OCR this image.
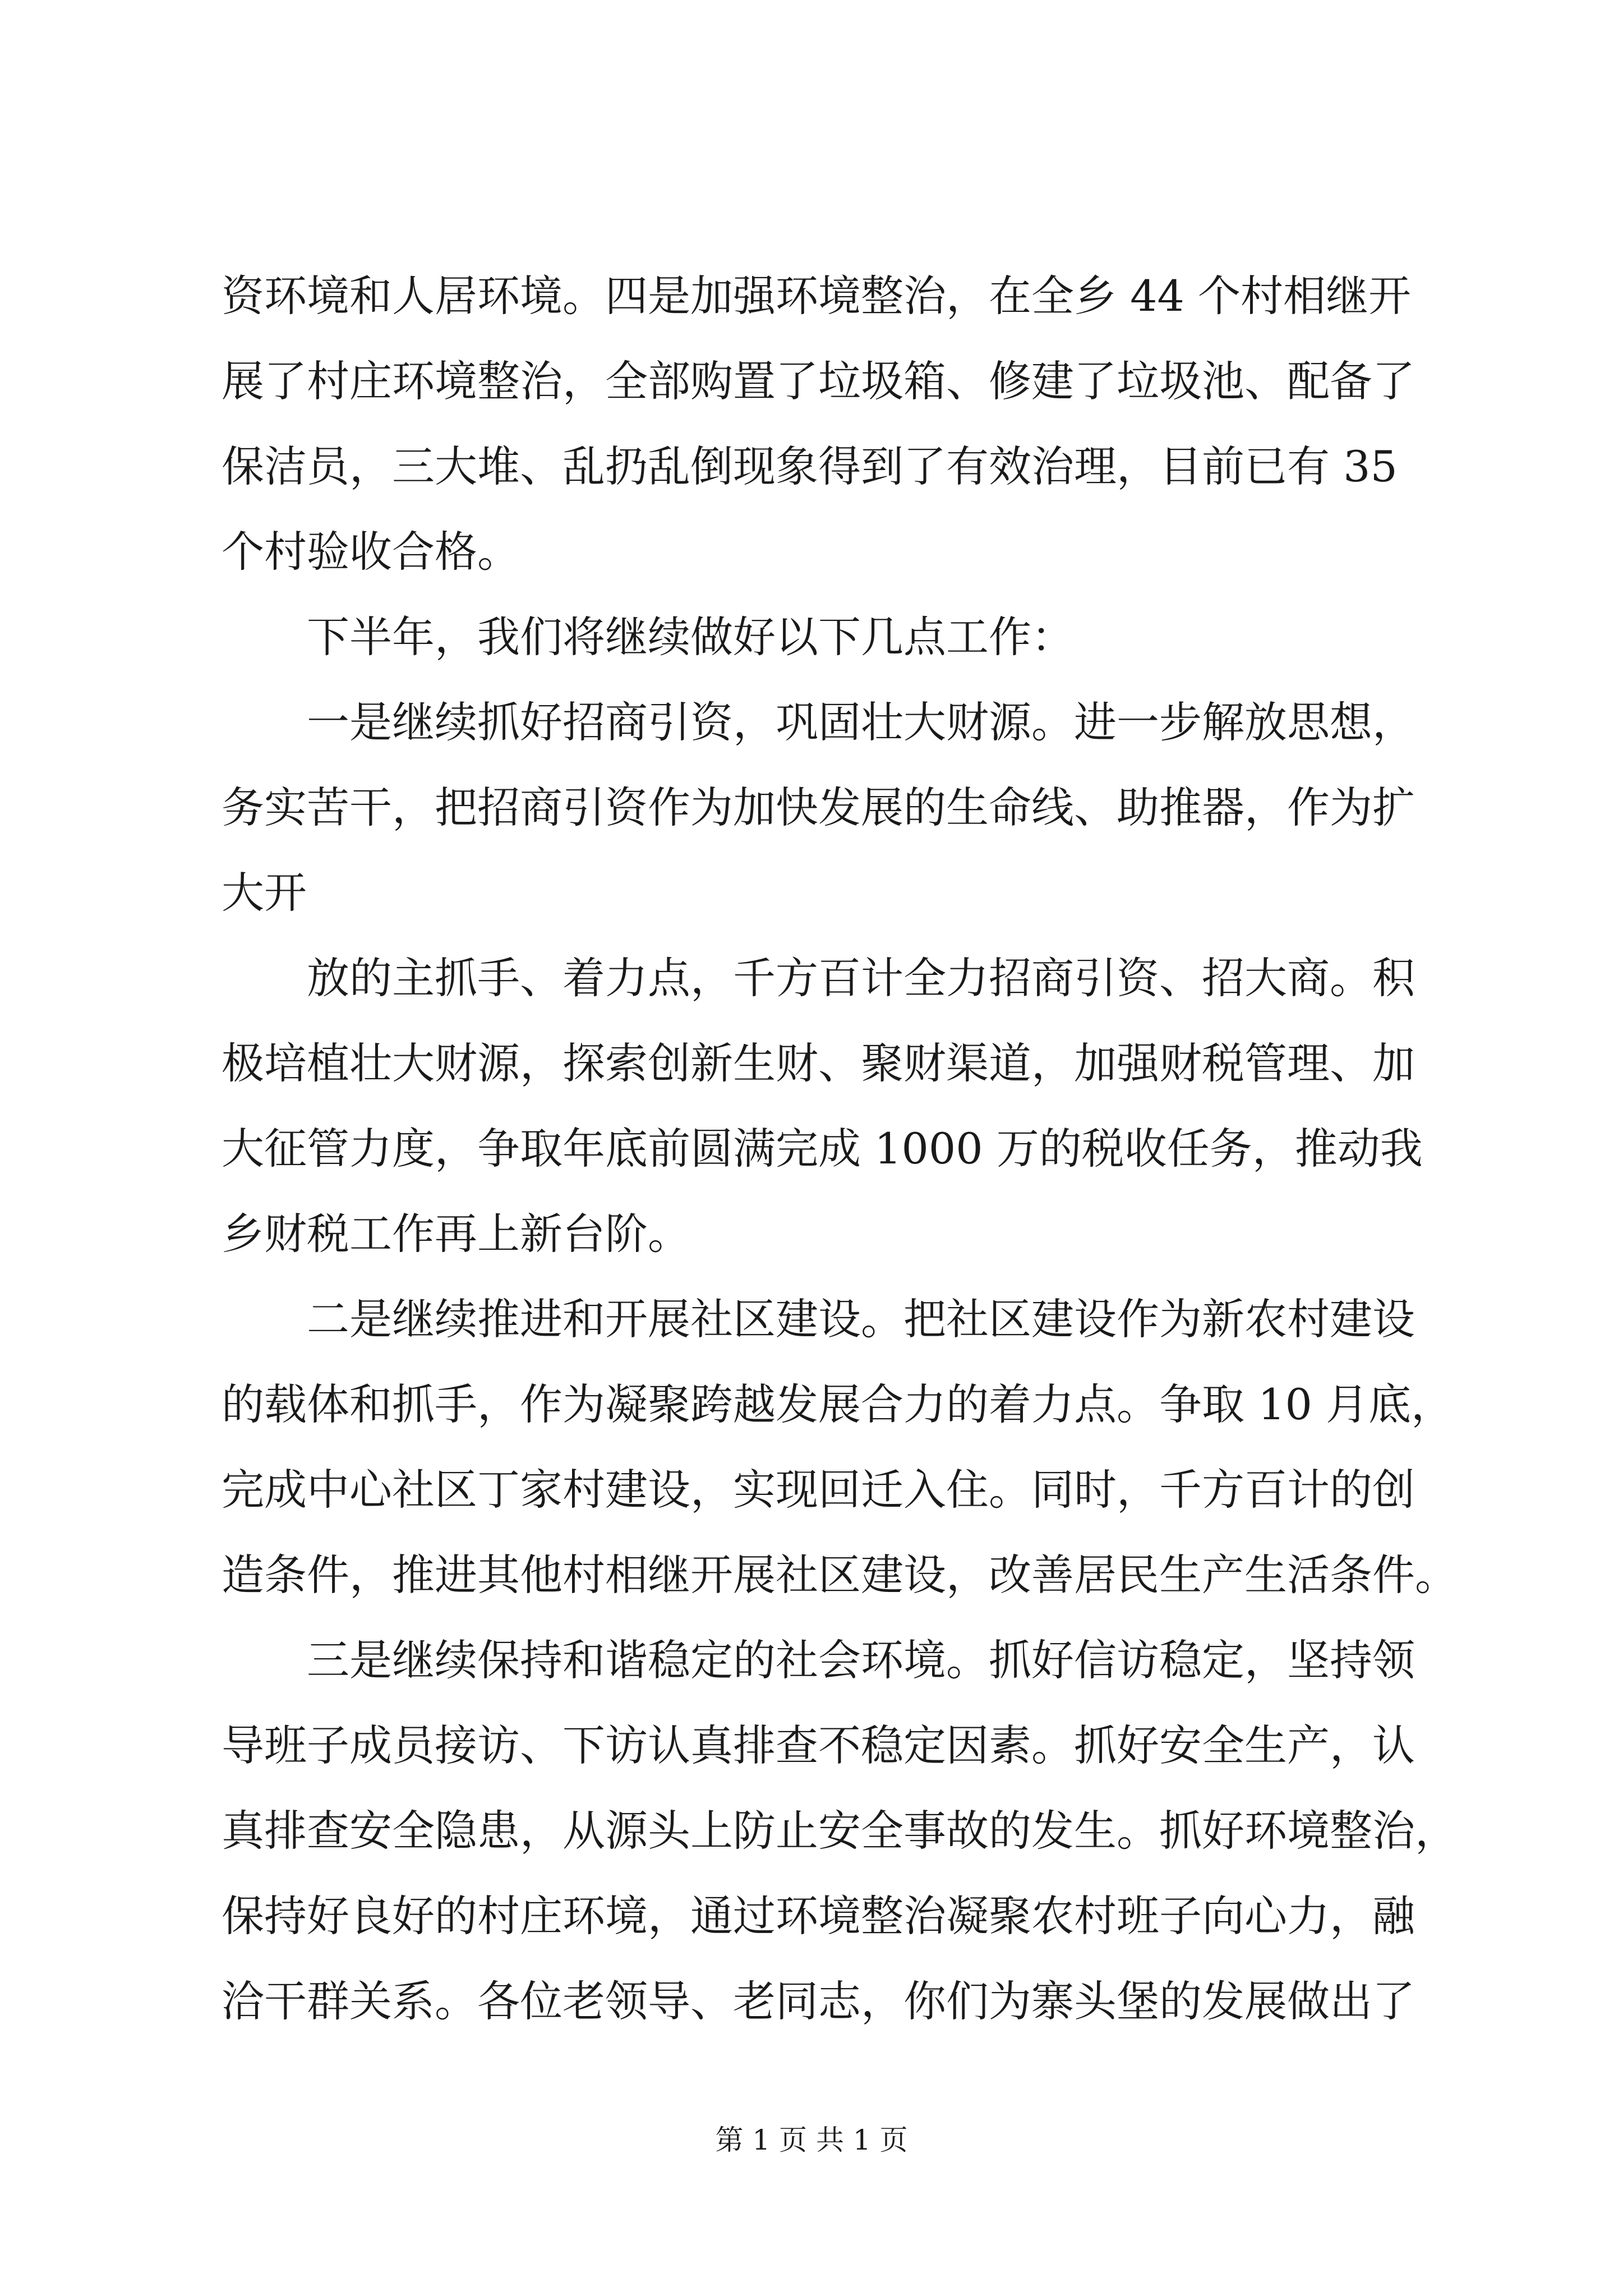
资环境和人居环境。四是加强环境整治，在全乡 44 个村相继开
展了村庄环境整治，全部购置了垃圾箱、修建了垃圾池、配备了
保洁员，三大堆、乱扔乱倒现象得到了有效治理，目前已有 35
个村验收合格。
　　下半年，我们将继续做好以下几点工作：
　　一是继续抓好招商引资，巩固壮大财源。进一步解放思想，
务实苦干，把招商引资作为加快发展的生命线、助推器，作为扩
大开
　　放的主抓手、着力点，千方百计全力招商引资、招大商。积
极培植壮大财源，探索创新生财、聚财渠道，加强财税管理、加
大征管力度，争取年底前圆满完成 1000 万的税收任务，推动我
乡财税工作再上新台阶。
　　二是继续推进和开展社区建设。把社区建设作为新农村建设
的载体和抓手，作为凝聚跨越发展合力的着力点。争取 10 月底，
完成中心社区丁家村建设，实现回迁入住。同时，千方百计的创
造条件，推进其他村相继开展社区建设，改善居民生产生活条件。
　　三是继续保持和谐稳定的社会环境。抓好信访稳定，坚持领
导班子成员接访、下访认真排查不稳定因素。抓好安全生产，认
真排查安全隐患，从源头上防止安全事故的发生。抓好环境整治，
保持好良好的村庄环境，通过环境整治凝聚农村班子向心力，融
洽干群关系。各位老领导、老同志，你们为寨头堡的发展做出了
第 1 页 共 1 页
